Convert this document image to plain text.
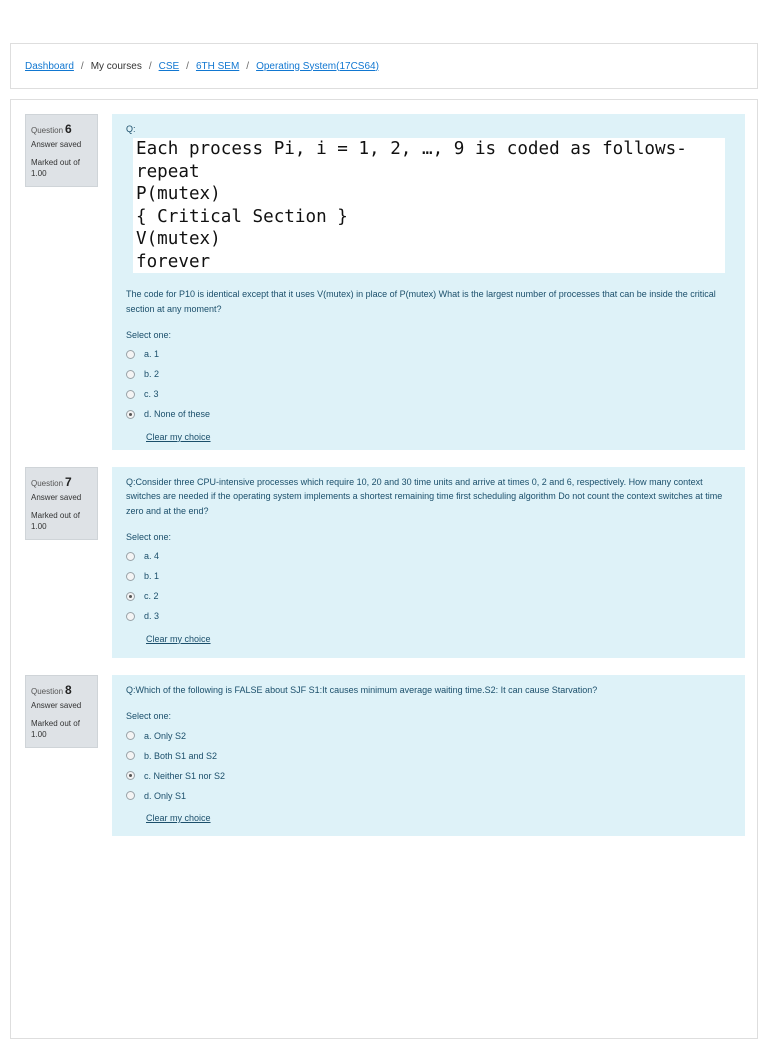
Dashboard / My courses / CSE / 6TH SEM / Operating System(17CS64)
Question 6
Answer saved
Marked out of 1.00
Q:
Each process Pi, i = 1, 2, …, 9 is coded as follows-
repeat
P(mutex)
{ Critical Section }
V(mutex)
forever
The code for P10 is identical except that it uses V(mutex) in place of P(mutex) What is the largest number of processes that can be inside the critical section at any moment?
Select one:
a. 1
b. 2
c. 3
d. None of these
Clear my choice
Question 7
Answer saved
Marked out of 1.00
Q:Consider three CPU-intensive processes which require 10, 20 and 30 time units and arrive at times 0, 2 and 6, respectively. How many context switches are needed if the operating system implements a shortest remaining time first scheduling algorithm Do not count the context switches at time zero and at the end?
Select one:
a. 4
b. 1
c. 2
d. 3
Clear my choice
Question 8
Answer saved
Marked out of 1.00
Q:Which of the following is FALSE about SJF S1:It causes minimum average waiting time.S2: It can cause Starvation?
Select one:
a. Only S2
b. Both S1 and S2
c. Neither S1 nor S2
d. Only S1
Clear my choice
